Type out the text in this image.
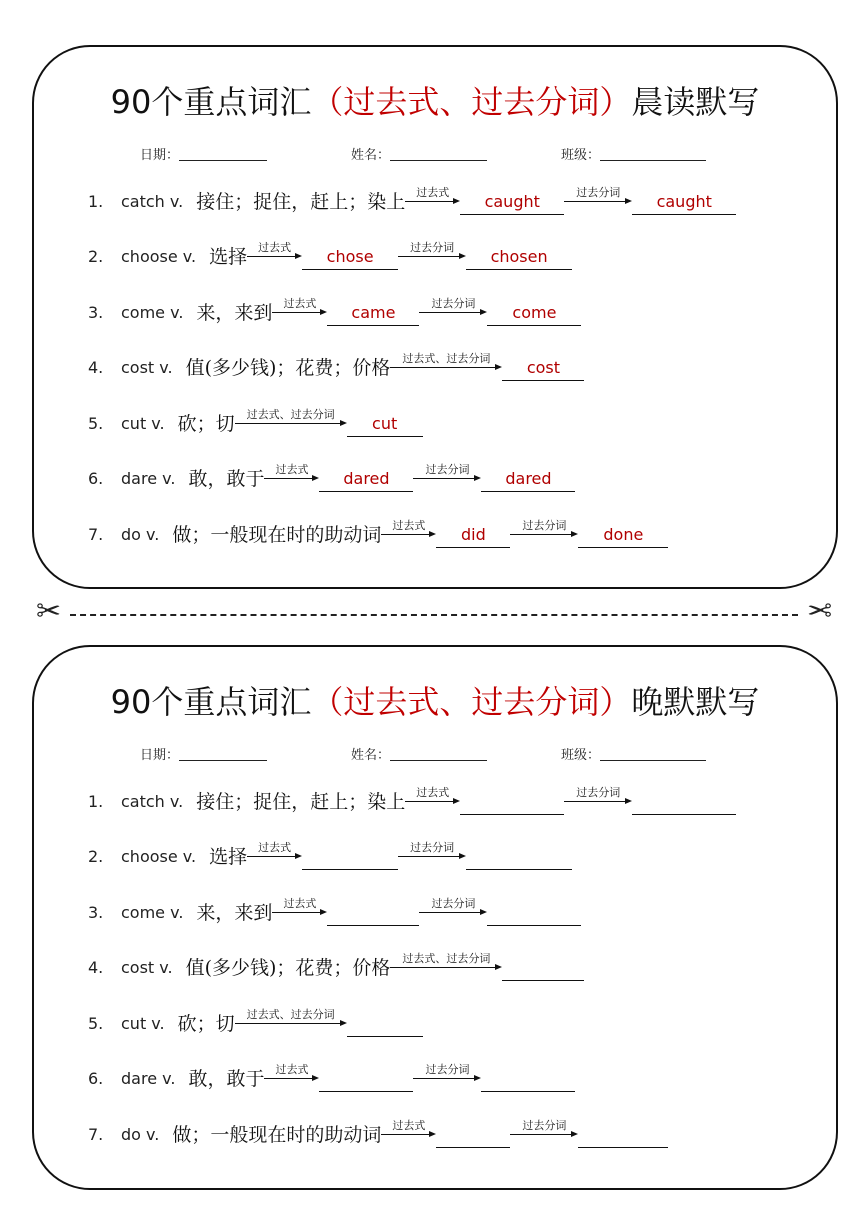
90个重点词汇（过去式、过去分词）晨读默写
日期：	姓名：	班级：
1.	catch v. 接住；捉住，赶上；染上	过去式	caught	过去分词	caught
2.	choose v. 选择	过去式	chose	过去分词	chosen
3.	come v. 来，来到	过去式	came	过去分词	come
4.	cost v. 值(多少钱)；花费；价格	过去式、过去分词	cost
5.	cut v. 砍；切	过去式、过去分词	cut
6.	dare v. 敢，敢于	过去式	dared	过去分词	dared
7.	do v. 做；一般现在时的助动词	过去式	did	过去分词	done
✂	✂
90个重点词汇（过去式、过去分词）晚默默写
日期：	姓名：	班级：
1.	catch v. 接住；捉住，赶上；染上	过去式	过去分词
2.	choose v. 选择	过去式	过去分词
3.	come v. 来，来到	过去式	过去分词
4.	cost v. 值(多少钱)；花费；价格	过去式、过去分词
5.	cut v. 砍；切	过去式、过去分词
6.	dare v. 敢，敢于	过去式	过去分词
7.	do v. 做；一般现在时的助动词	过去式	过去分词
